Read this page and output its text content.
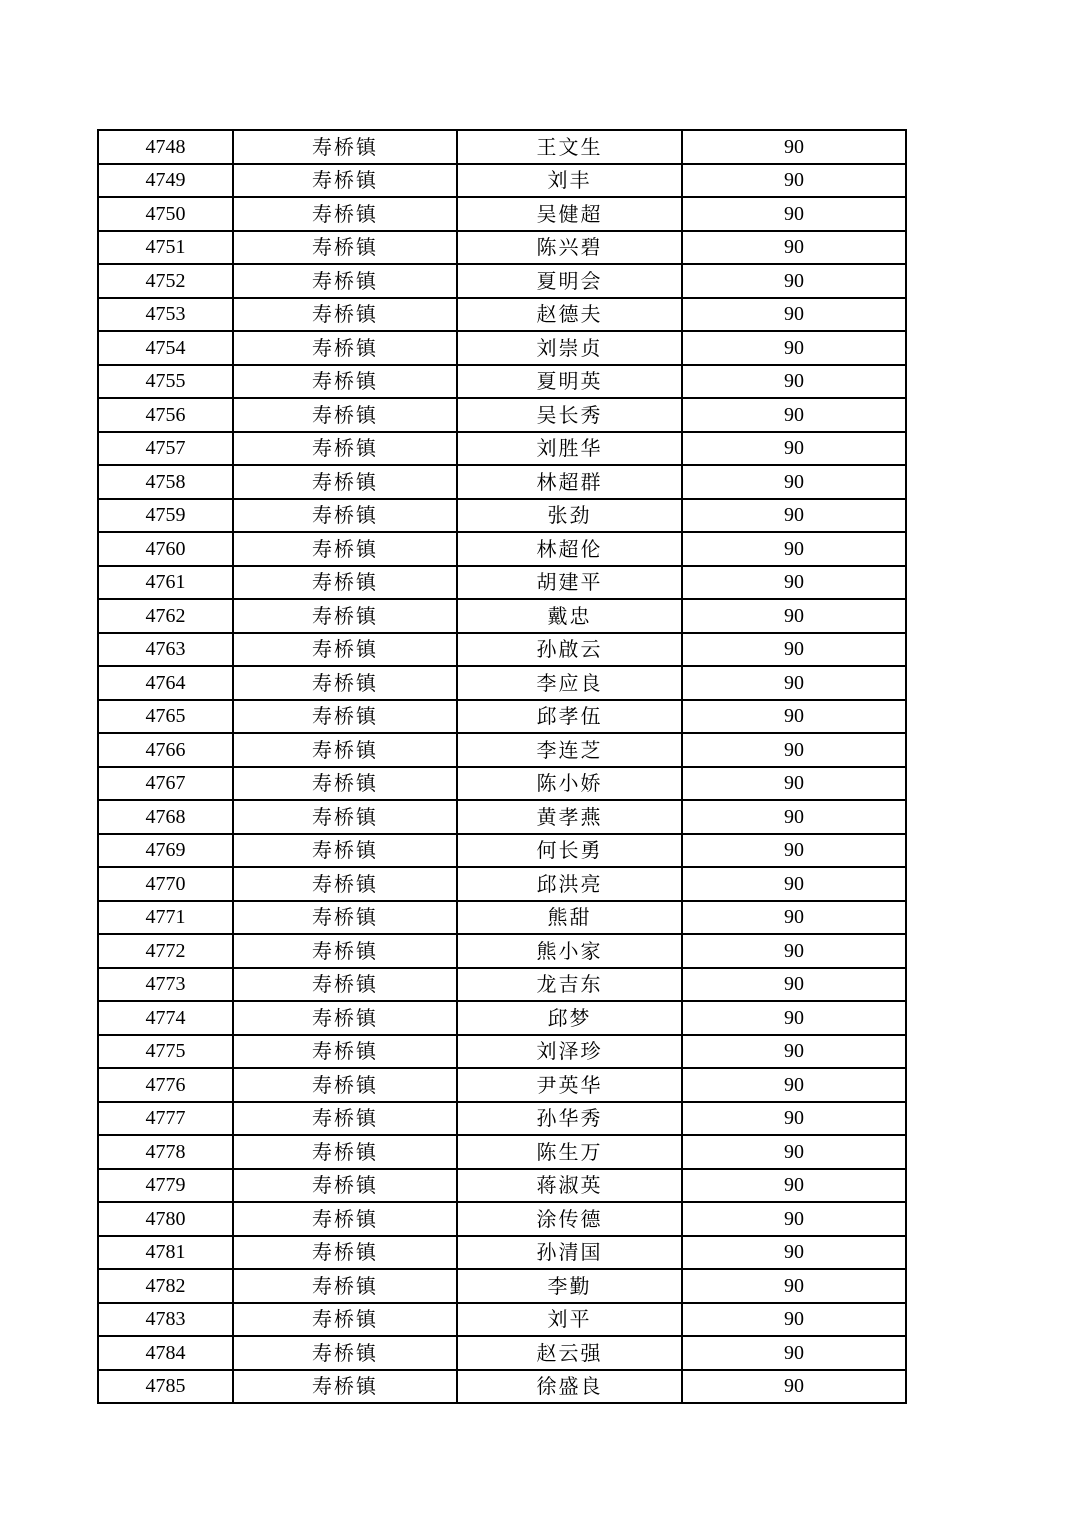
4748	寿桥镇	王文生	90
4749	寿桥镇	刘丰	90
4750	寿桥镇	吴健超	90
4751	寿桥镇	陈兴碧	90
4752	寿桥镇	夏明会	90
4753	寿桥镇	赵德夫	90
4754	寿桥镇	刘崇贞	90
4755	寿桥镇	夏明英	90
4756	寿桥镇	吴长秀	90
4757	寿桥镇	刘胜华	90
4758	寿桥镇	林超群	90
4759	寿桥镇	张劲	90
4760	寿桥镇	林超伦	90
4761	寿桥镇	胡建平	90
4762	寿桥镇	戴忠	90
4763	寿桥镇	孙啟云	90
4764	寿桥镇	李应良	90
4765	寿桥镇	邱孝伍	90
4766	寿桥镇	李连芝	90
4767	寿桥镇	陈小娇	90
4768	寿桥镇	黄孝燕	90
4769	寿桥镇	何长勇	90
4770	寿桥镇	邱洪亮	90
4771	寿桥镇	熊甜	90
4772	寿桥镇	熊小家	90
4773	寿桥镇	龙吉东	90
4774	寿桥镇	邱梦	90
4775	寿桥镇	刘泽珍	90
4776	寿桥镇	尹英华	90
4777	寿桥镇	孙华秀	90
4778	寿桥镇	陈生万	90
4779	寿桥镇	蒋淑英	90
4780	寿桥镇	涂传德	90
4781	寿桥镇	孙清国	90
4782	寿桥镇	李勤	90
4783	寿桥镇	刘平	90
4784	寿桥镇	赵云强	90
4785	寿桥镇	徐盛良	90
